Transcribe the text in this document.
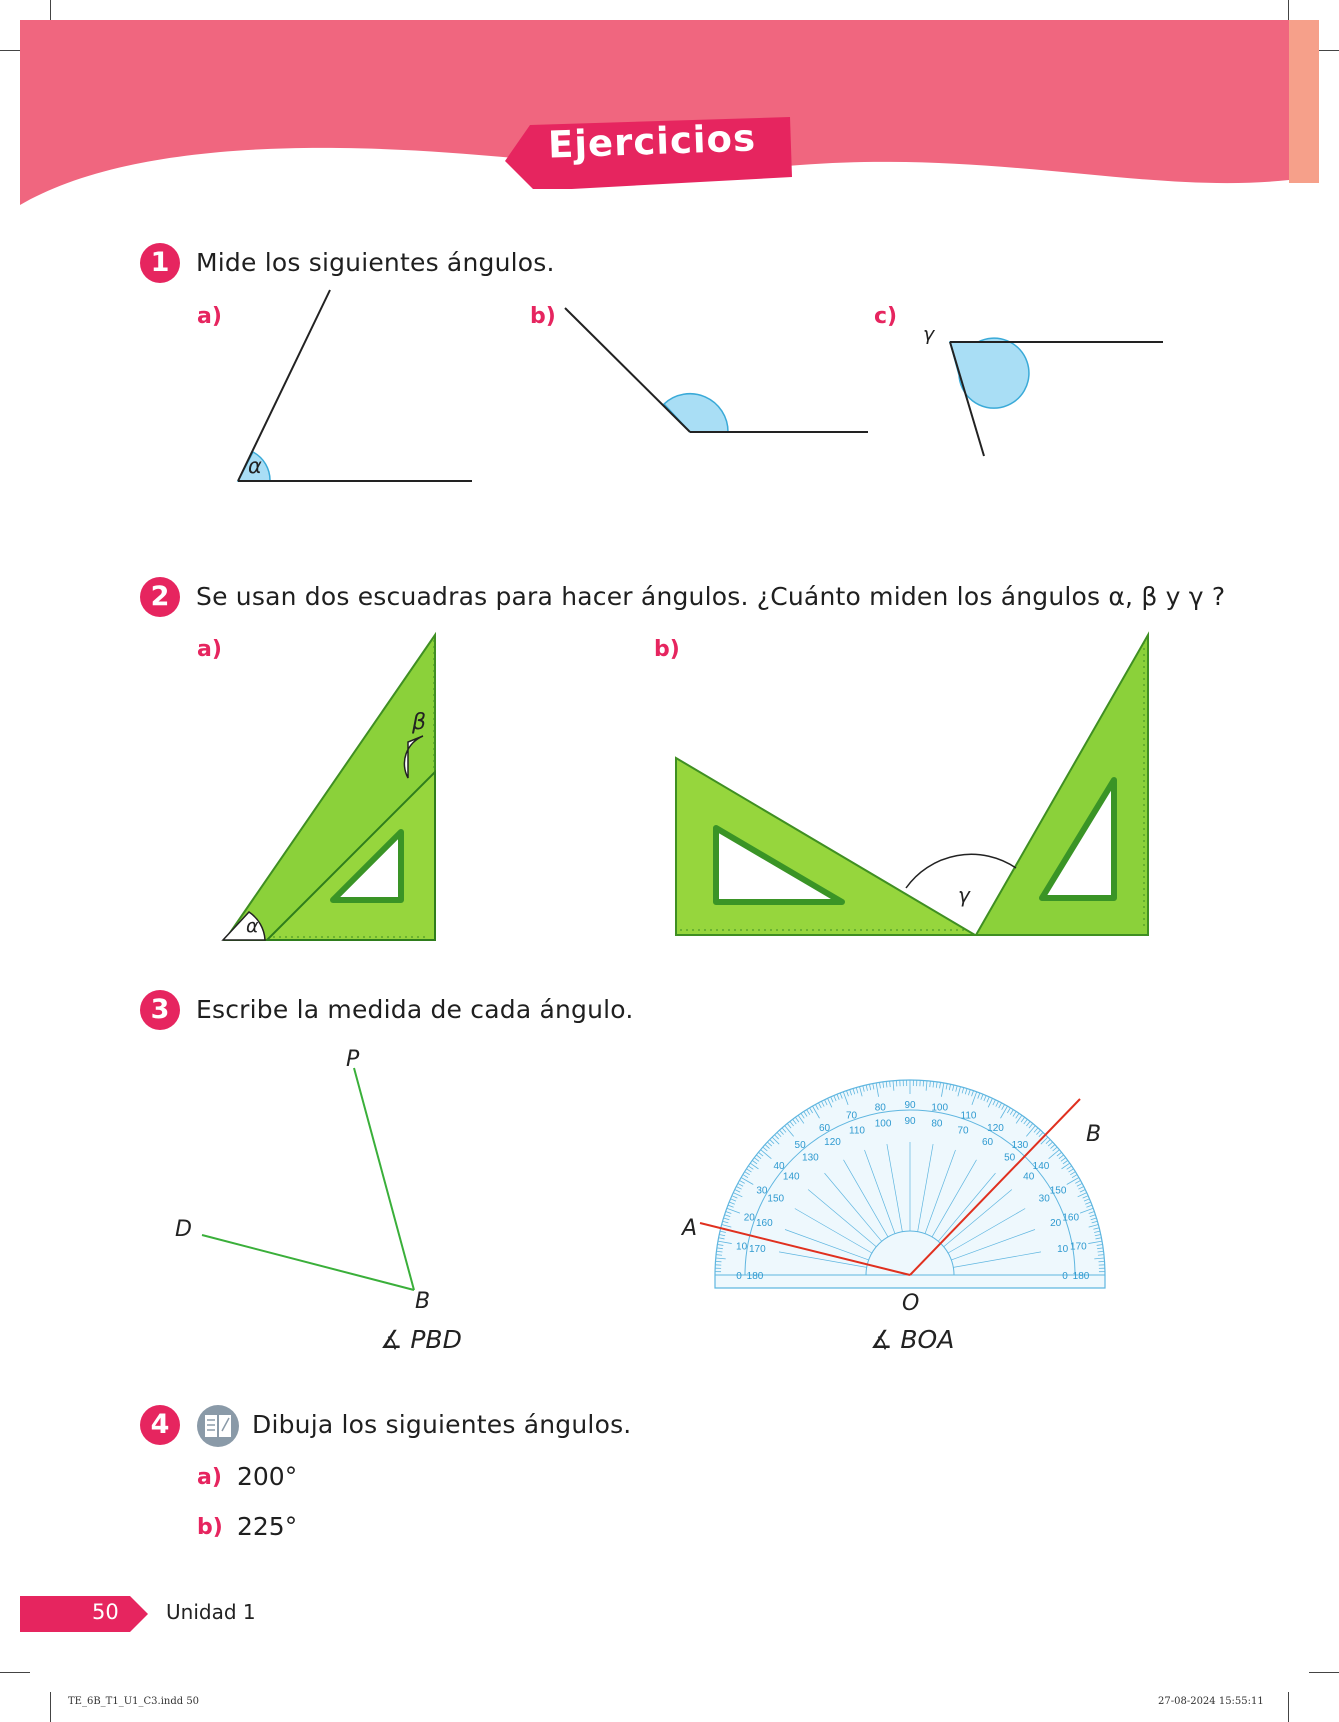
Ejercicios
1	Mide los siguientes ángulos.
a)	b)	c)
α
γ
2	Se usan dos escuadras para hacer ángulos. ¿Cuánto miden los ángulos α, β y γ ?
a)	b)
β
α
γ
3	Escribe la medida de cada ángulo.
P
D
B
∡ PBD
0 180
10 170
20 160
30
150
40
140
50
130
60
120
70
110
80
100
90
90
100
80
110
70 120
60 130
50
140
40
150
30
160
20
170
10
180
0
A
B
O
∡ BOA
4	Dibuja los siguientes ángulos.
a) 200°
b) 225°
50 Unidad 1
TE_6B_T1_U1_C3.indd 50	27-08-2024 15:55:11
